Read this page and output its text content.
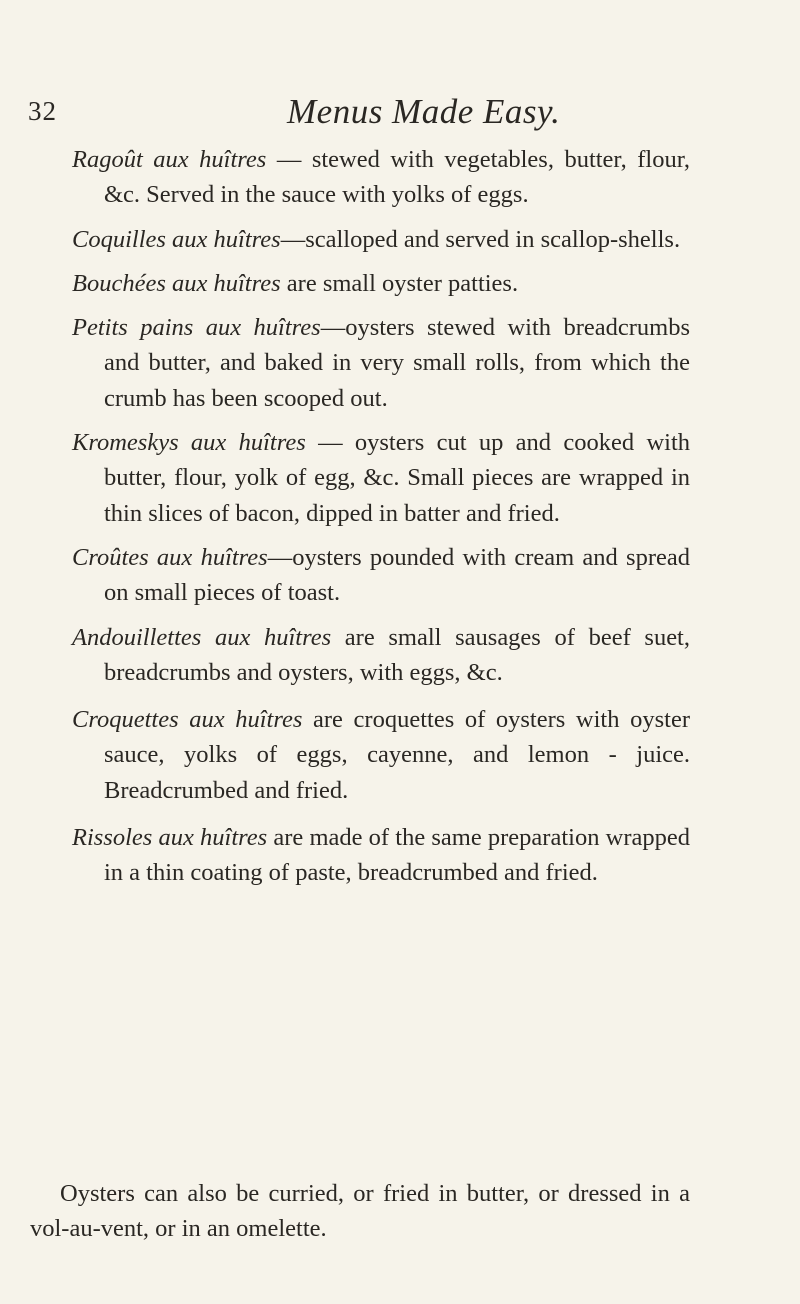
32	Menus Made Easy.

Ragoût aux huîtres — stewed with vegetables, butter, flour, &c. Served in the sauce with yolks of eggs.

Coquilles aux huîtres—scalloped and served in scallop-shells.

Bouchées aux huîtres are small oyster patties.

Petits pains aux huîtres—oysters stewed with breadcrumbs and butter, and baked in very small rolls, from which the crumb has been scooped out.

Kromeskys aux huîtres — oysters cut up and cooked with butter, flour, yolk of egg, &c. Small pieces are wrapped in thin slices of bacon, dipped in batter and fried.

Croûtes aux huîtres—oysters pounded with cream and spread on small pieces of toast.

Andouillettes aux huîtres are small sausages of beef suet, breadcrumbs and oysters, with eggs, &c.

Croquettes aux huîtres are croquettes of oysters with oyster sauce, yolks of eggs, cayenne, and lemon - juice. Breadcrumbed and fried.

Rissoles aux huîtres are made of the same preparation wrapped in a thin coating of paste, breadcrumbed and fried.

Oysters can also be curried, or fried in butter, or dressed in a vol-au-vent, or in an omelette.
